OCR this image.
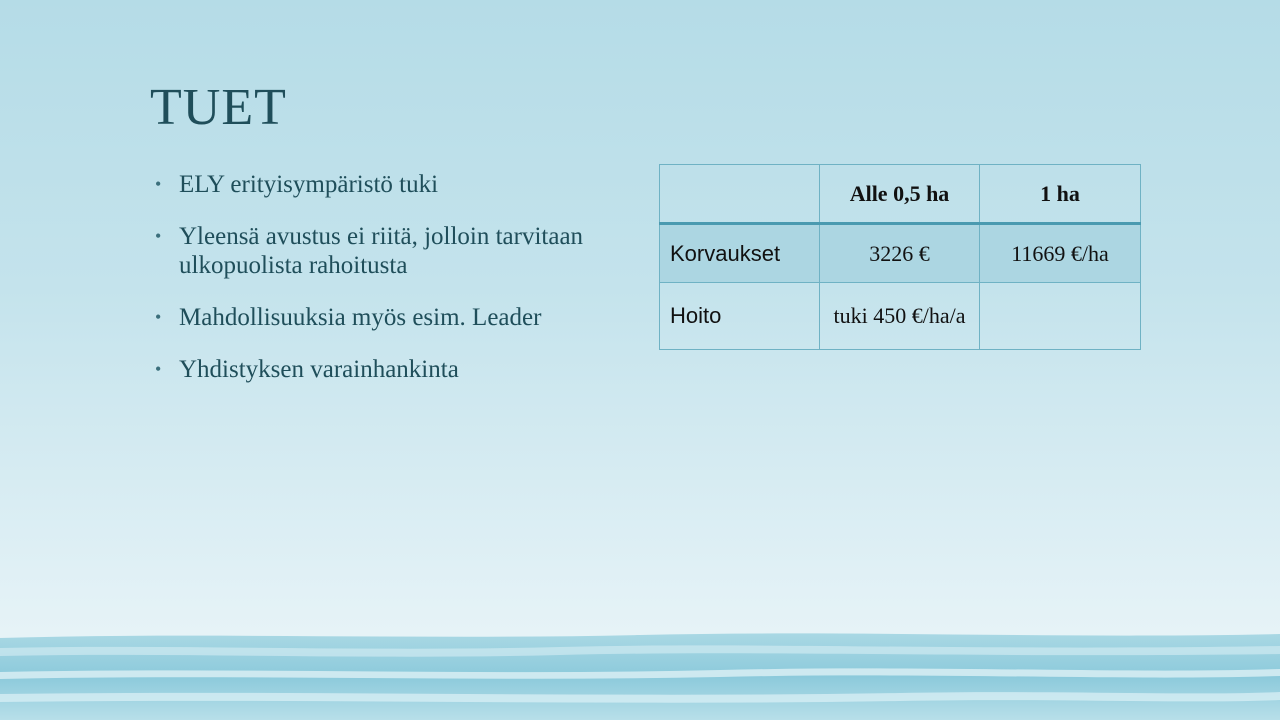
TUET
• ELY erityisympäristö tuki
• Yleensä avustus ei riitä, jolloin tarvitaan ulkopuolista rahoitusta
• Mahdollisuuksia myös esim. Leader
• Yhdistyksen varainhankinta
	Alle 0,5 ha	1 ha
Korvaukset	3226 €	11669 €/ha
Hoito	tuki 450 €/ha/a	
